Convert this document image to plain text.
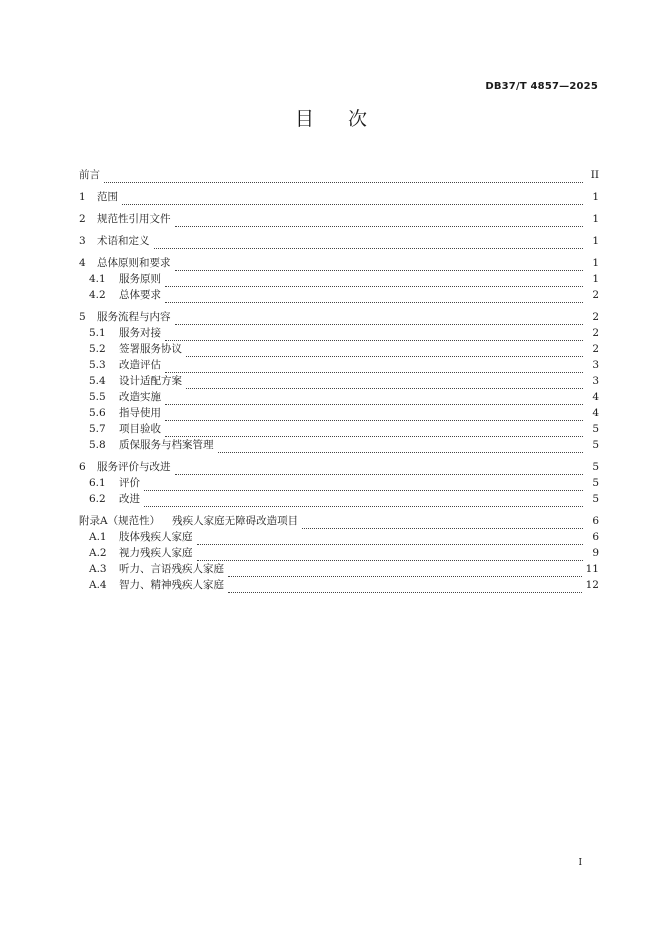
DB37/T 4857—2025
目 次
前言	II
1	范围	1
2	规范性引用文件	1
3	术语和定义	1
4	总体原则和要求	1
4.1	服务原则	1
4.2	总体要求	2
5	服务流程与内容	2
5.1	服务对接	2
5.2	签署服务协议	2
5.3	改造评估	3
5.4	设计适配方案	3
5.5	改造实施	4
5.6	指导使用	4
5.7	项目验收	5
5.8	质保服务与档案管理	5
6	服务评价与改进	5
6.1	评价	5
6.2	改进	5
附录A（规范性） 残疾人家庭无障碍改造项目	6
A.1	肢体残疾人家庭	6
A.2	视力残疾人家庭	9
A.3	听力、言语残疾人家庭	11
A.4	智力、精神残疾人家庭	12
I
